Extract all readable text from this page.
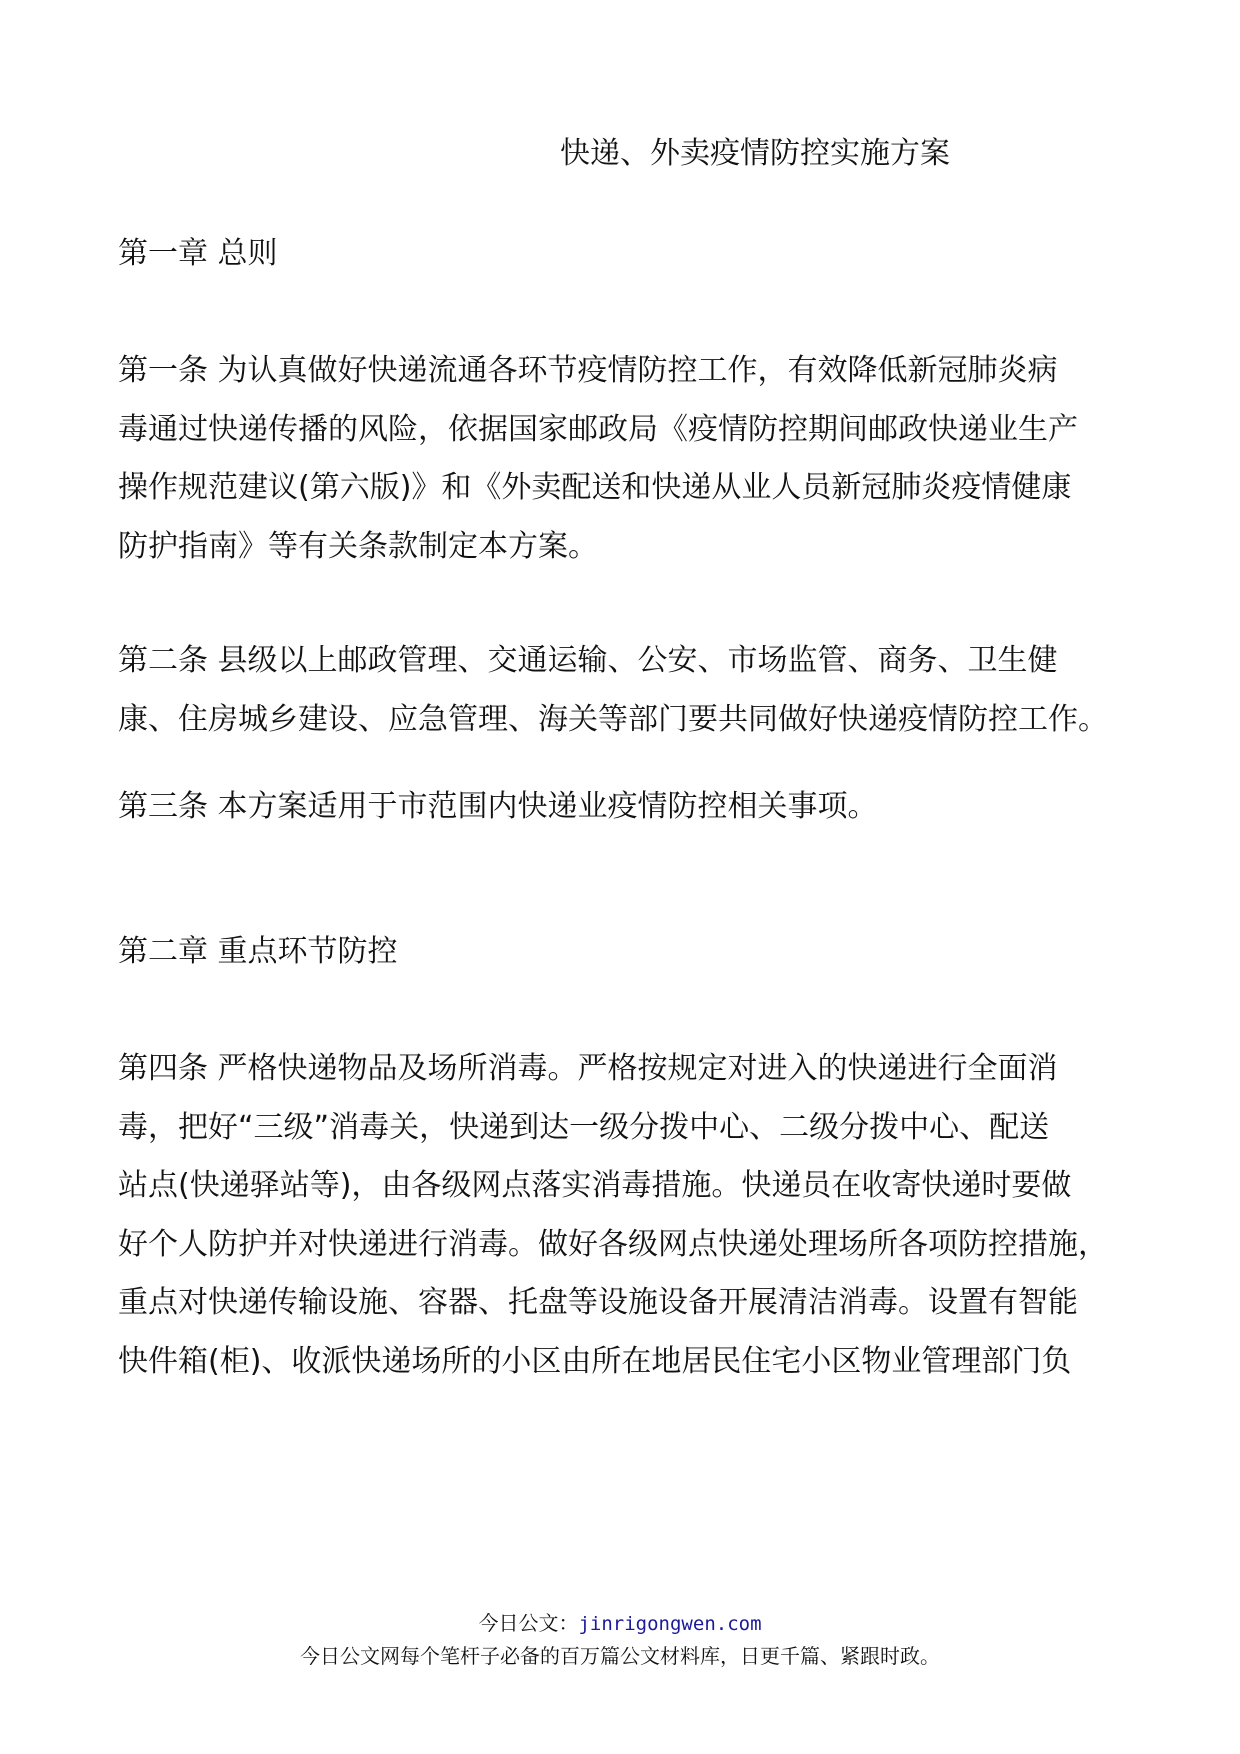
快递、外卖疫情防控实施方案
第一章 总则

第一条 为认真做好快递流通各环节疫情防控工作，有效降低新冠肺炎病
毒通过快递传播的风险，依据国家邮政局《疫情防控期间邮政快递业生产
操作规范建议(第六版)》和《外卖配送和快递从业人员新冠肺炎疫情健康
防护指南》等有关条款制定本方案。

第二条 县级以上邮政管理、交通运输、公安、市场监管、商务、卫生健
康、住房城乡建设、应急管理、海关等部门要共同做好快递疫情防控工作。

第三条 本方案适用于市范围内快递业疫情防控相关事项。

第二章 重点环节防控

第四条 严格快递物品及场所消毒。严格按规定对进入的快递进行全面消
毒，把好“三级”消毒关，快递到达一级分拨中心、二级分拨中心、配送
站点(快递驿站等)，由各级网点落实消毒措施。快递员在收寄快递时要做
好个人防护并对快递进行消毒。做好各级网点快递处理场所各项防控措施，
重点对快递传输设施、容器、托盘等设施设备开展清洁消毒。设置有智能
快件箱(柜)、收派快递场所的小区由所在地居民住宅小区物业管理部门负

今日公文：jinrigongwen.com
今日公文网每个笔杆子必备的百万篇公文材料库，日更千篇、紧跟时政。
